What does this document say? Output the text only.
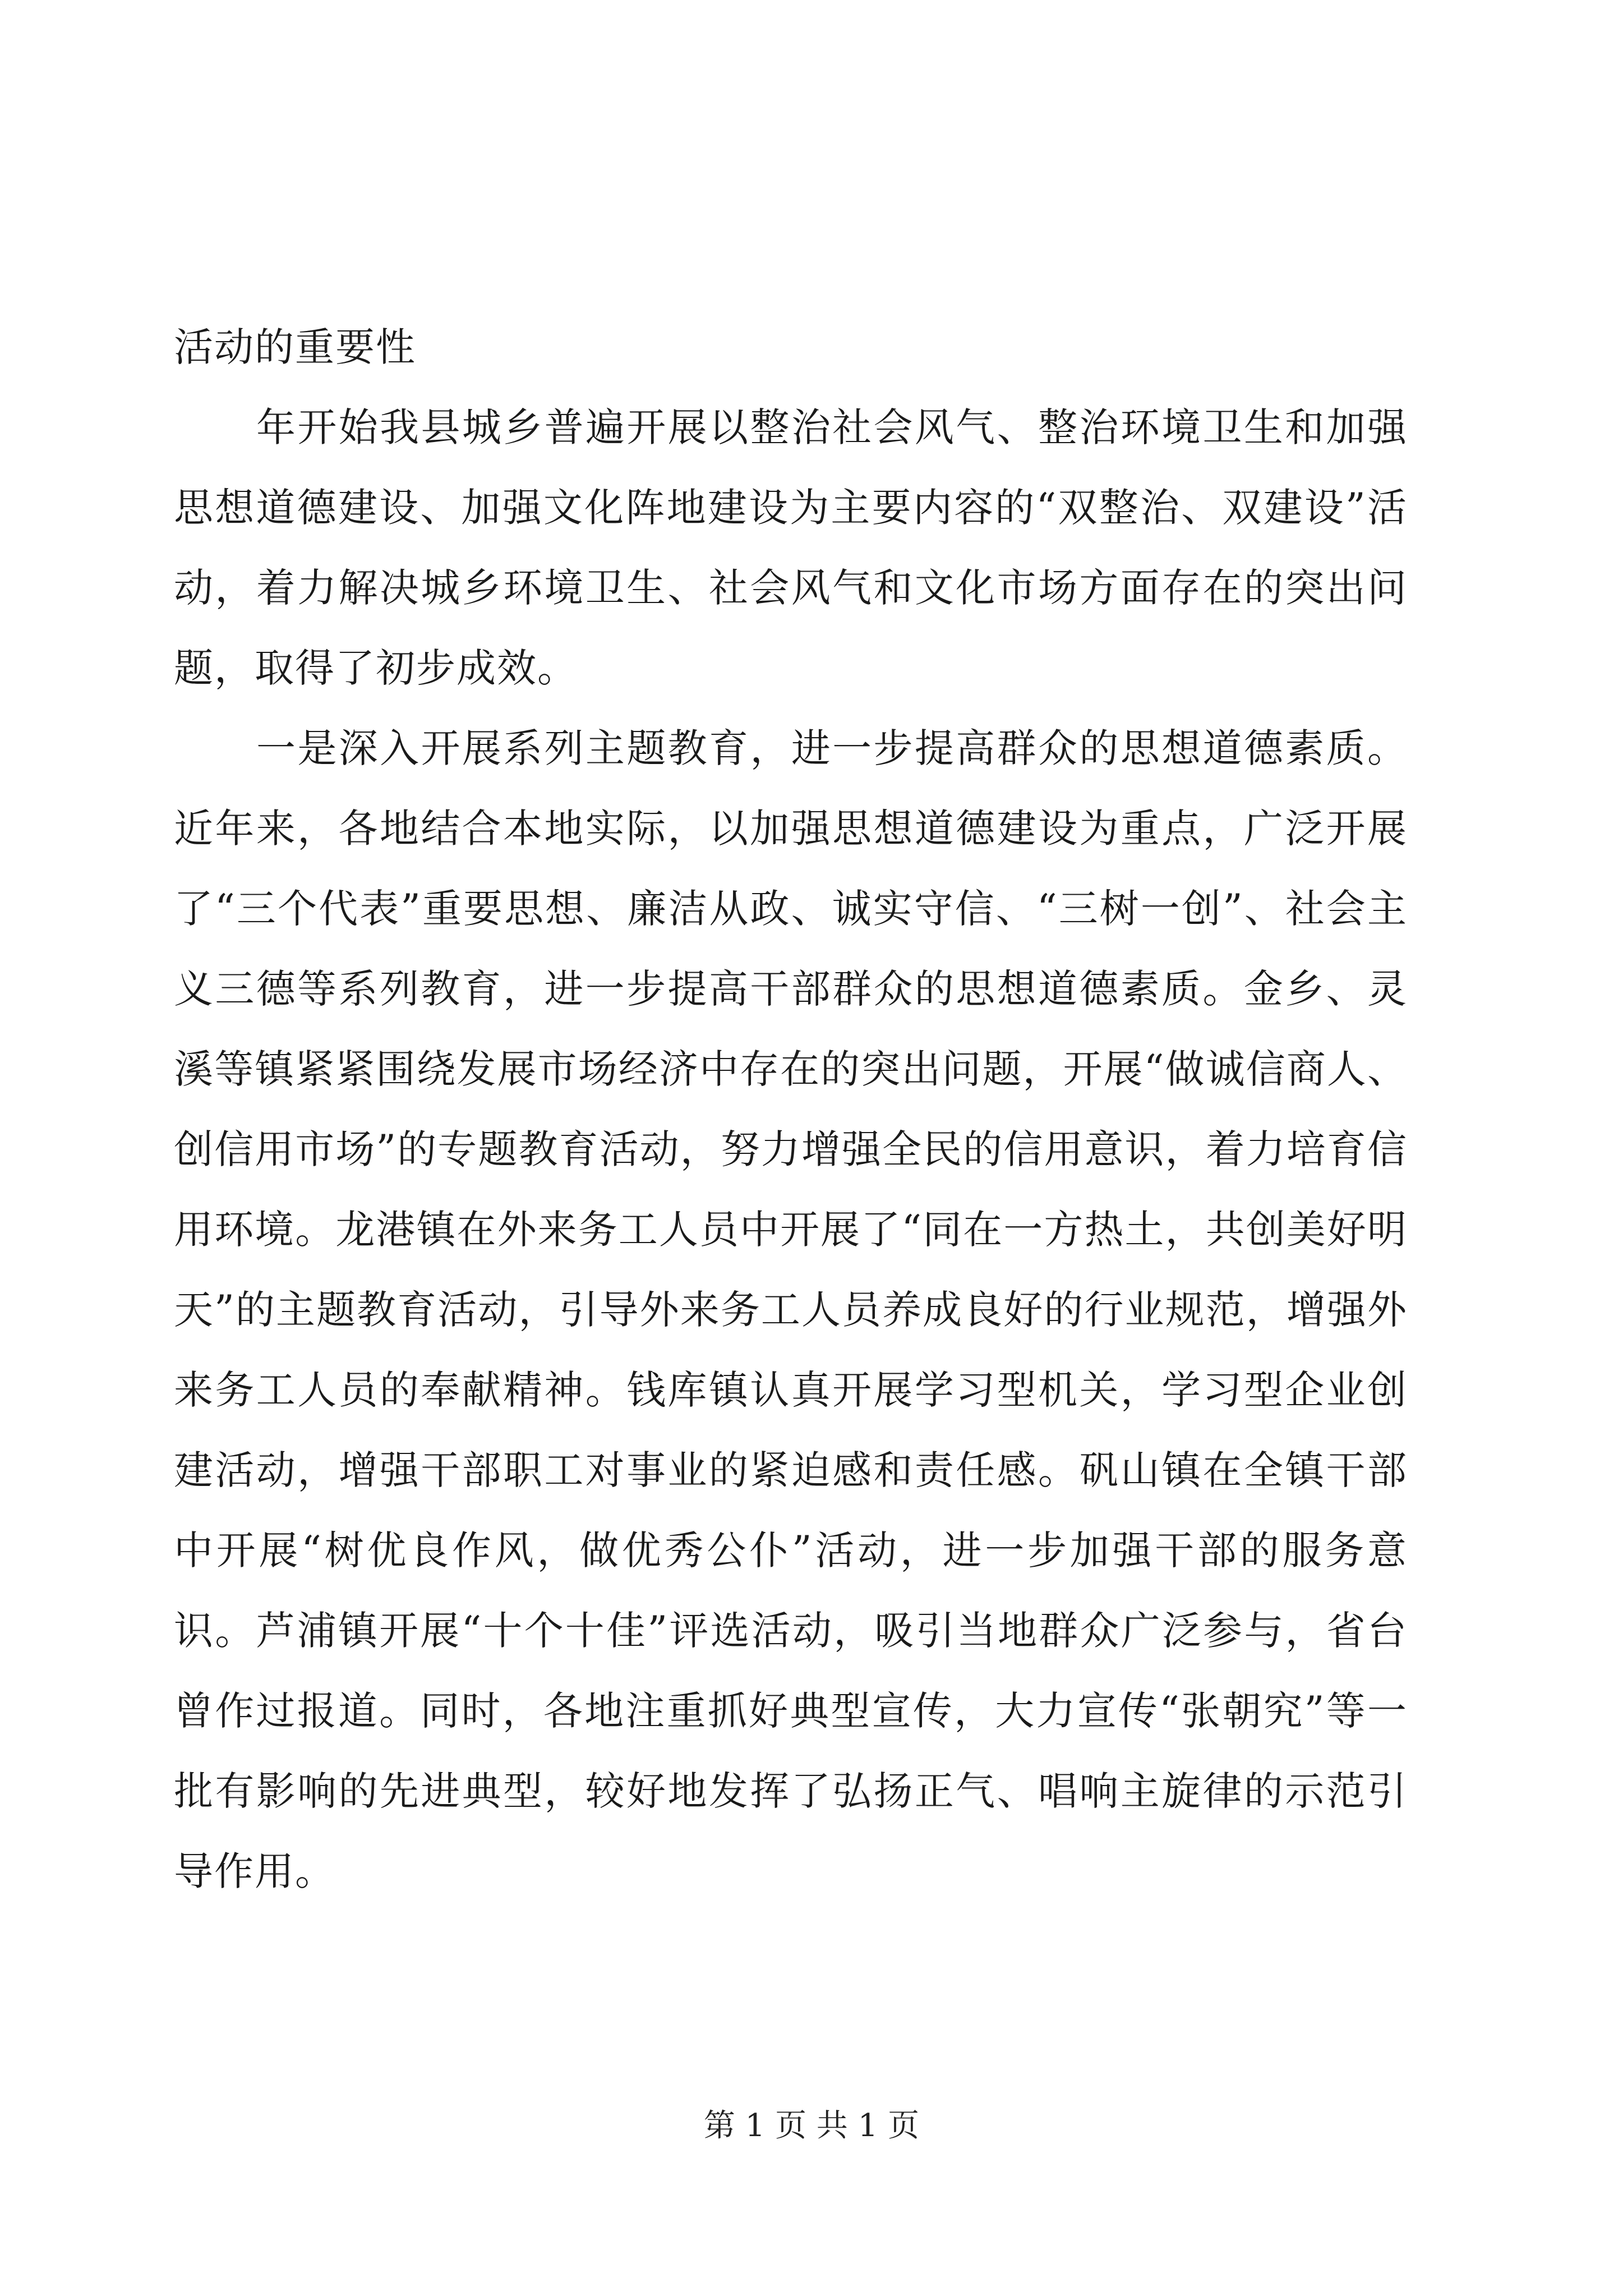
活动的重要性

年开始我县城乡普遍开展以整治社会风气、整治环境卫生和加强思想道德建设、加强文化阵地建设为主要内容的“双整治、双建设”活动，着力解决城乡环境卫生、社会风气和文化市场方面存在的突出问题，取得了初步成效。

一是深入开展系列主题教育，进一步提高群众的思想道德素质。近年来，各地结合本地实际，以加强思想道德建设为重点，广泛开展了“三个代表”重要思想、廉洁从政、诚实守信、“三树一创”、社会主义三德等系列教育，进一步提高干部群众的思想道德素质。金乡、灵溪等镇紧紧围绕发展市场经济中存在的突出问题，开展“做诚信商人、创信用市场”的专题教育活动，努力增强全民的信用意识，着力培育信用环境。龙港镇在外来务工人员中开展了“同在一方热土，共创美好明天”的主题教育活动，引导外来务工人员养成良好的行业规范，增强外来务工人员的奉献精神。钱库镇认真开展学习型机关，学习型企业创建活动，增强干部职工对事业的紧迫感和责任感。矾山镇在全镇干部中开展“树优良作风，做优秀公仆”活动，进一步加强干部的服务意识。芦浦镇开展“十个十佳”评选活动，吸引当地群众广泛参与，省台曾作过报道。同时，各地注重抓好典型宣传，大力宣传“张朝究”等一批有影响的先进典型，较好地发挥了弘扬正气、唱响主旋律的示范引导作用。

第 1 页 共 1 页
